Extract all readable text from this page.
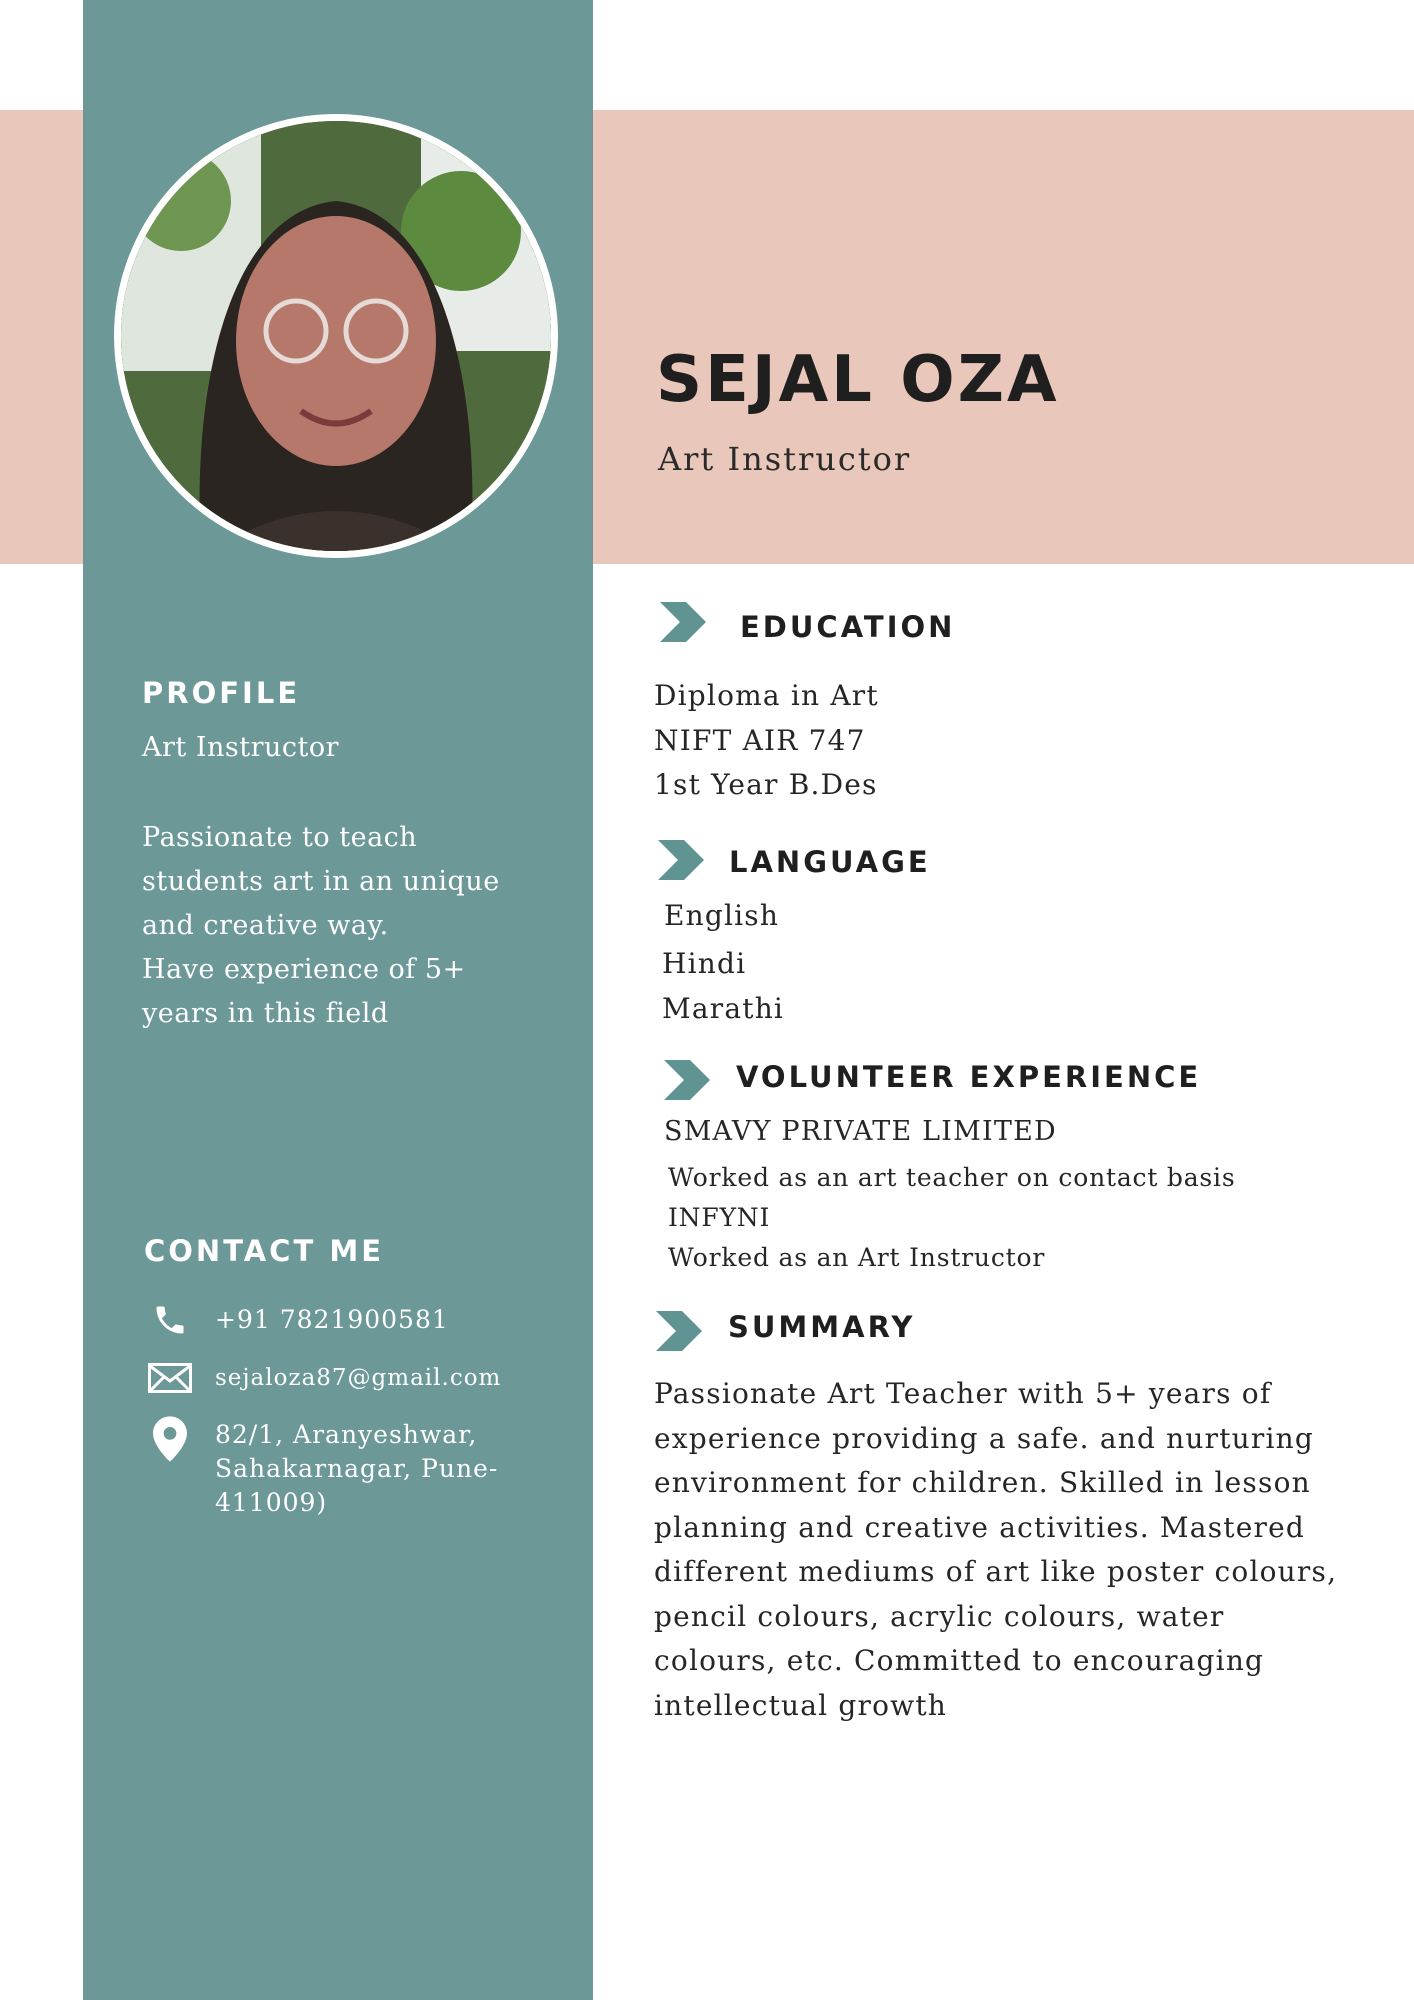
SEJAL OZA

Art Instructor

PROFILE

Art Instructor

Passionate to teach
students art in an unique
and creative way.
Have experience of 5+
years in this field
CONTACT ME

+91 7821900581

sejaloza87@gmail.com

82/1, Aranyeshwar,
Sahakarnagar, Pune-
411009)
EDUCATION

Diploma in Art

NIFT AIR 747

1st Year B.Des

LANGUAGE

English

Hindi

Marathi

VOLUNTEER EXPERIENCE

SMAVY PRIVATE LIMITED

Worked as an art teacher on contact basis

INFYNI

Worked as an Art Instructor

SUMMARY

Passionate Art Teacher with 5+ years of experience providing a safe. and nurturing environment for children. Skilled in lesson planning and creative activities. Mastered different mediums of art like poster colours, pencil colours, acrylic colours, water colours, etc. Committed to encouraging intellectual growth
